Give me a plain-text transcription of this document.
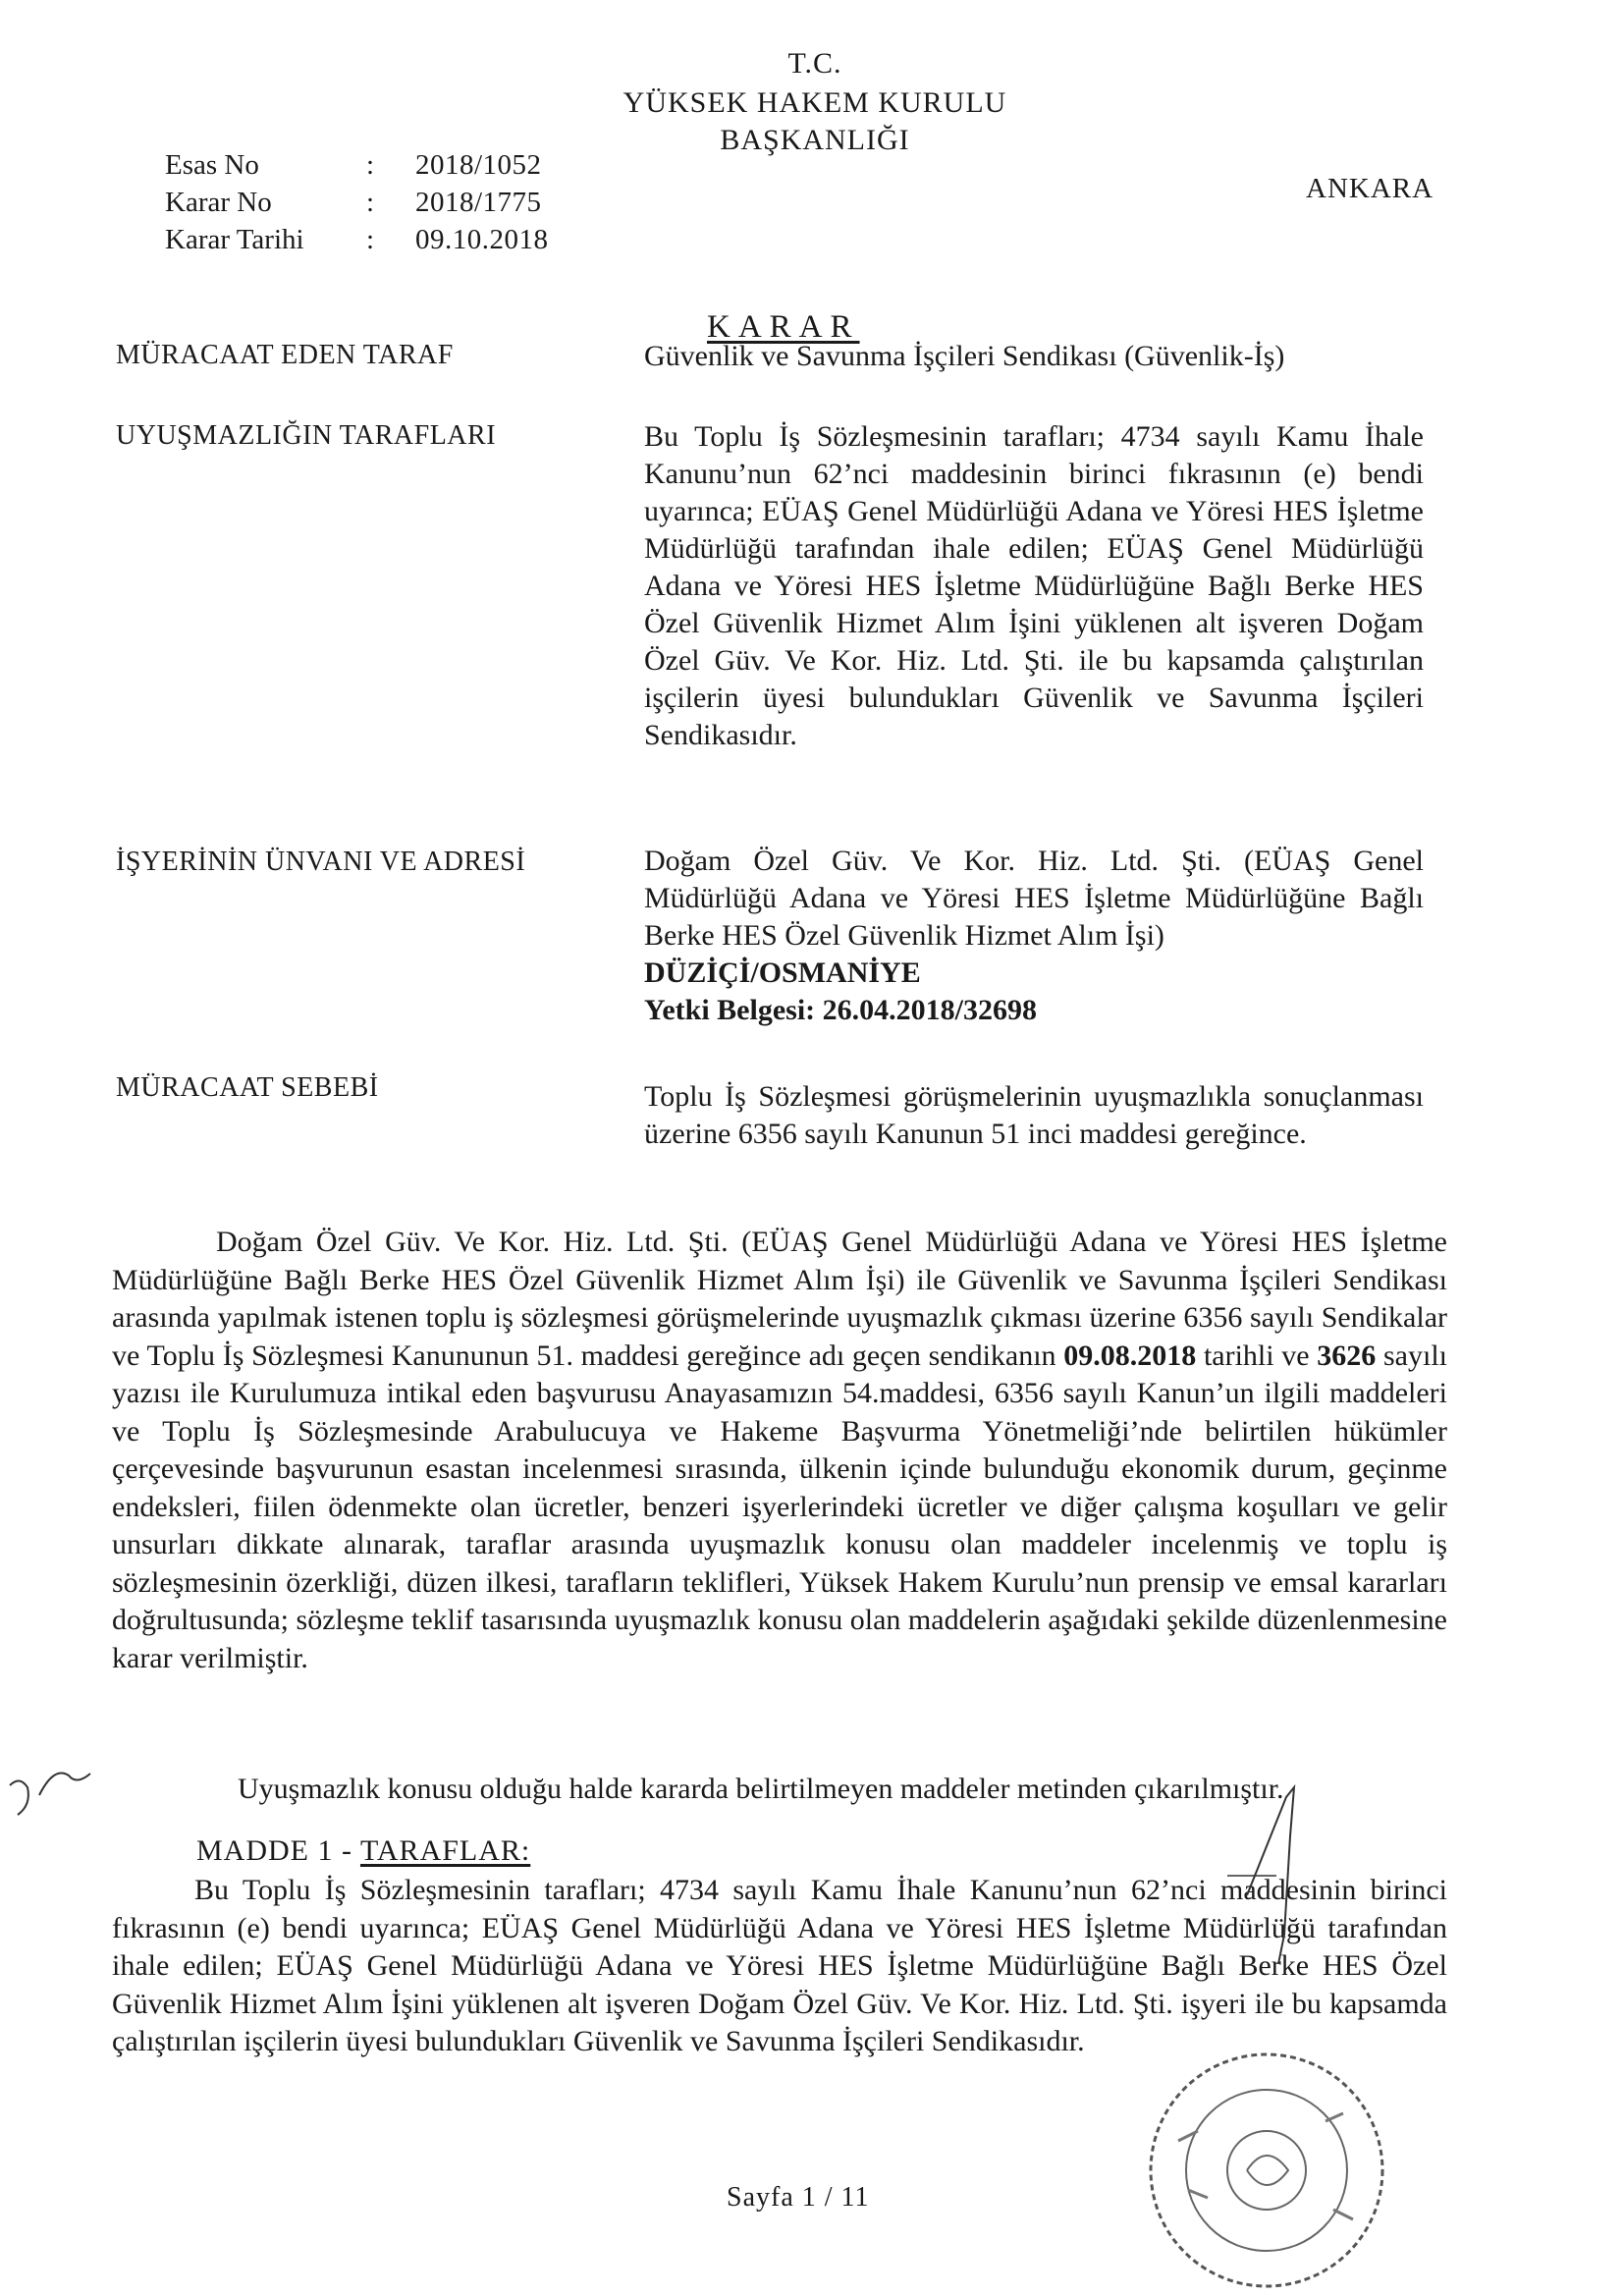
T.C.
YÜKSEK HAKEM KURULU
BAŞKANLIĞI
ANKARA
Esas No	:	2018/1052
Karar No	:	2018/1775
Karar Tarihi	:	09.10.2018
KARAR
MÜRACAAT EDEN TARAF	Güvenlik ve Savunma İşçileri Sendikası (Güvenlik-İş)
UYUŞMAZLIĞIN TARAFLARI	Bu Toplu İş Sözleşmesinin tarafları; 4734 sayılı Kamu İhale Kanunu’nun 62’nci maddesinin birinci fıkrasının (e) bendi uyarınca; EÜAŞ Genel Müdürlüğü Adana ve Yöresi HES İşletme Müdürlüğü tarafından ihale edilen; EÜAŞ Genel Müdürlüğü Adana ve Yöresi HES İşletme Müdürlüğüne Bağlı Berke HES Özel Güvenlik Hizmet Alım İşini yüklenen alt işveren Doğam Özel Güv. Ve Kor. Hiz. Ltd. Şti. ile bu kapsamda çalıştırılan işçilerin üyesi bulundukları Güvenlik ve Savunma İşçileri Sendikasıdır.
İŞYERİNİN ÜNVANI VE ADRESİ	Doğam Özel Güv. Ve Kor. Hiz. Ltd. Şti. (EÜAŞ Genel Müdürlüğü Adana ve Yöresi HES İşletme Müdürlüğüne Bağlı Berke HES Özel Güvenlik Hizmet Alım İşi)
DÜZİÇİ/OSMANİYE
Yetki Belgesi: 26.04.2018/32698
MÜRACAAT SEBEBİ	Toplu İş Sözleşmesi görüşmelerinin uyuşmazlıkla sonuçlanması üzerine 6356 sayılı Kanunun 51 inci maddesi gereğince.
Doğam Özel Güv. Ve Kor. Hiz. Ltd. Şti. (EÜAŞ Genel Müdürlüğü Adana ve Yöresi HES İşletme Müdürlüğüne Bağlı Berke HES Özel Güvenlik Hizmet Alım İşi) ile Güvenlik ve Savunma İşçileri Sendikası arasında yapılmak istenen toplu iş sözleşmesi görüşmelerinde uyuşmazlık çıkması üzerine 6356 sayılı Sendikalar ve Toplu İş Sözleşmesi Kanununun 51. maddesi gereğince adı geçen sendikanın 09.08.2018 tarihli ve 3626 sayılı yazısı ile Kurulumuza intikal eden başvurusu Anayasamızın 54.maddesi, 6356 sayılı Kanun’un ilgili maddeleri ve Toplu İş Sözleşmesinde Arabulucuya ve Hakeme Başvurma Yönetmeliği’nde belirtilen hükümler çerçevesinde başvurunun esastan incelenmesi sırasında, ülkenin içinde bulunduğu ekonomik durum, geçinme endeksleri, fiilen ödenmekte olan ücretler, benzeri işyerlerindeki ücretler ve diğer çalışma koşulları ve gelir unsurları dikkate alınarak, taraflar arasında uyuşmazlık konusu olan maddeler incelenmiş ve toplu iş sözleşmesinin özerkliği, düzen ilkesi, tarafların teklifleri, Yüksek Hakem Kurulu’nun prensip ve emsal kararları doğrultusunda; sözleşme teklif tasarısında uyuşmazlık konusu olan maddelerin aşağıdaki şekilde düzenlenmesine karar verilmiştir.
Uyuşmazlık konusu olduğu halde kararda belirtilmeyen maddeler metinden çıkarılmıştır.
MADDE 1 - TARAFLAR:
Bu Toplu İş Sözleşmesinin tarafları; 4734 sayılı Kamu İhale Kanunu’nun 62’nci maddesinin birinci fıkrasının (e) bendi uyarınca; EÜAŞ Genel Müdürlüğü Adana ve Yöresi HES İşletme Müdürlüğü tarafından ihale edilen; EÜAŞ Genel Müdürlüğü Adana ve Yöresi HES İşletme Müdürlüğüne Bağlı Berke HES Özel Güvenlik Hizmet Alım İşini yüklenen alt işveren Doğam Özel Güv. Ve Kor. Hiz. Ltd. Şti. işyeri ile bu kapsamda çalıştırılan işçilerin üyesi bulundukları Güvenlik ve Savunma İşçileri Sendikasıdır.
Sayfa 1 / 11
